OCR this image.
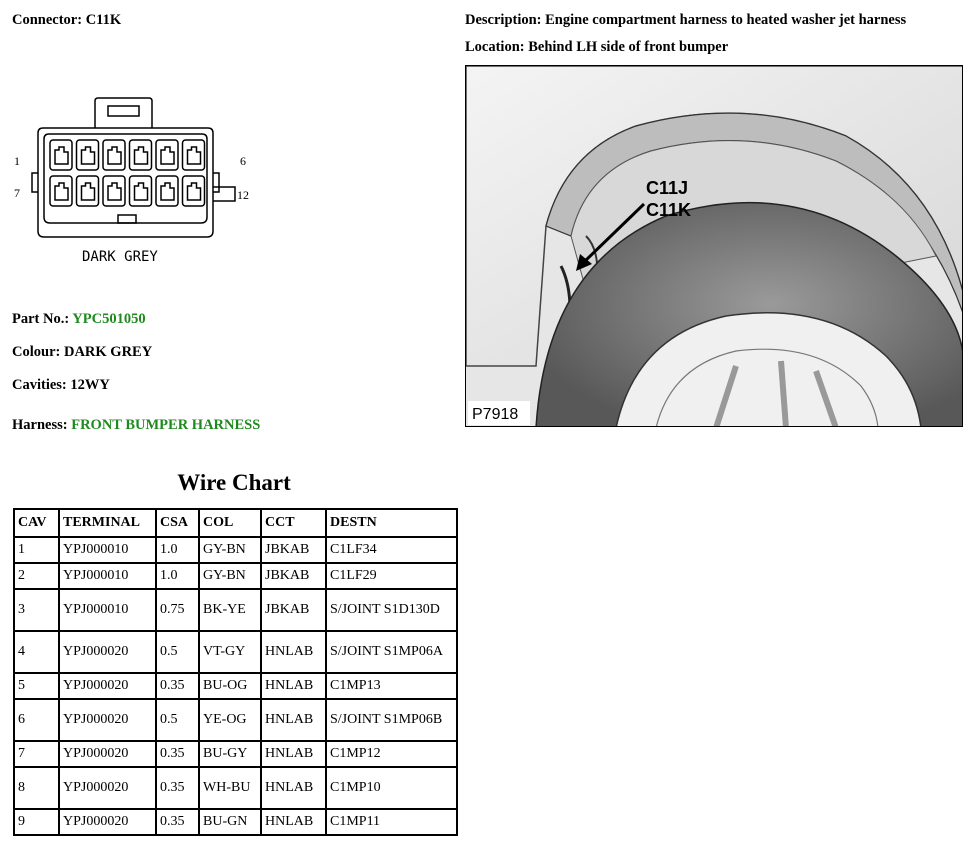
Connector: C11K	Description: Engine compartment harness to heated washer jet harness
Location: Behind LH side of front bumper
1
7
6
12
DARK GREY
C11J
C11K
P7918
Part No.: YPC501050
Colour: DARK GREY
Cavities: 12WY
Harness: FRONT BUMPER HARNESS
Wire Chart
CAV	TERMINAL	CSA	COL	CCT	DESTN
1	YPJ000010	1.0	GY-BN	JBKAB	C1LF34
2	YPJ000010	1.0	GY-BN	JBKAB	C1LF29
3	YPJ000010	0.75	BK-YE	JBKAB	S/JOINT S1D130D
4	YPJ000020	0.5	VT-GY	HNLAB	S/JOINT S1MP06A
5	YPJ000020	0.35	BU-OG	HNLAB	C1MP13
6	YPJ000020	0.5	YE-OG	HNLAB	S/JOINT S1MP06B
7	YPJ000020	0.35	BU-GY	HNLAB	C1MP12
8	YPJ000020	0.35	WH-BU	HNLAB	C1MP10
9	YPJ000020	0.35	BU-GN	HNLAB	C1MP11
